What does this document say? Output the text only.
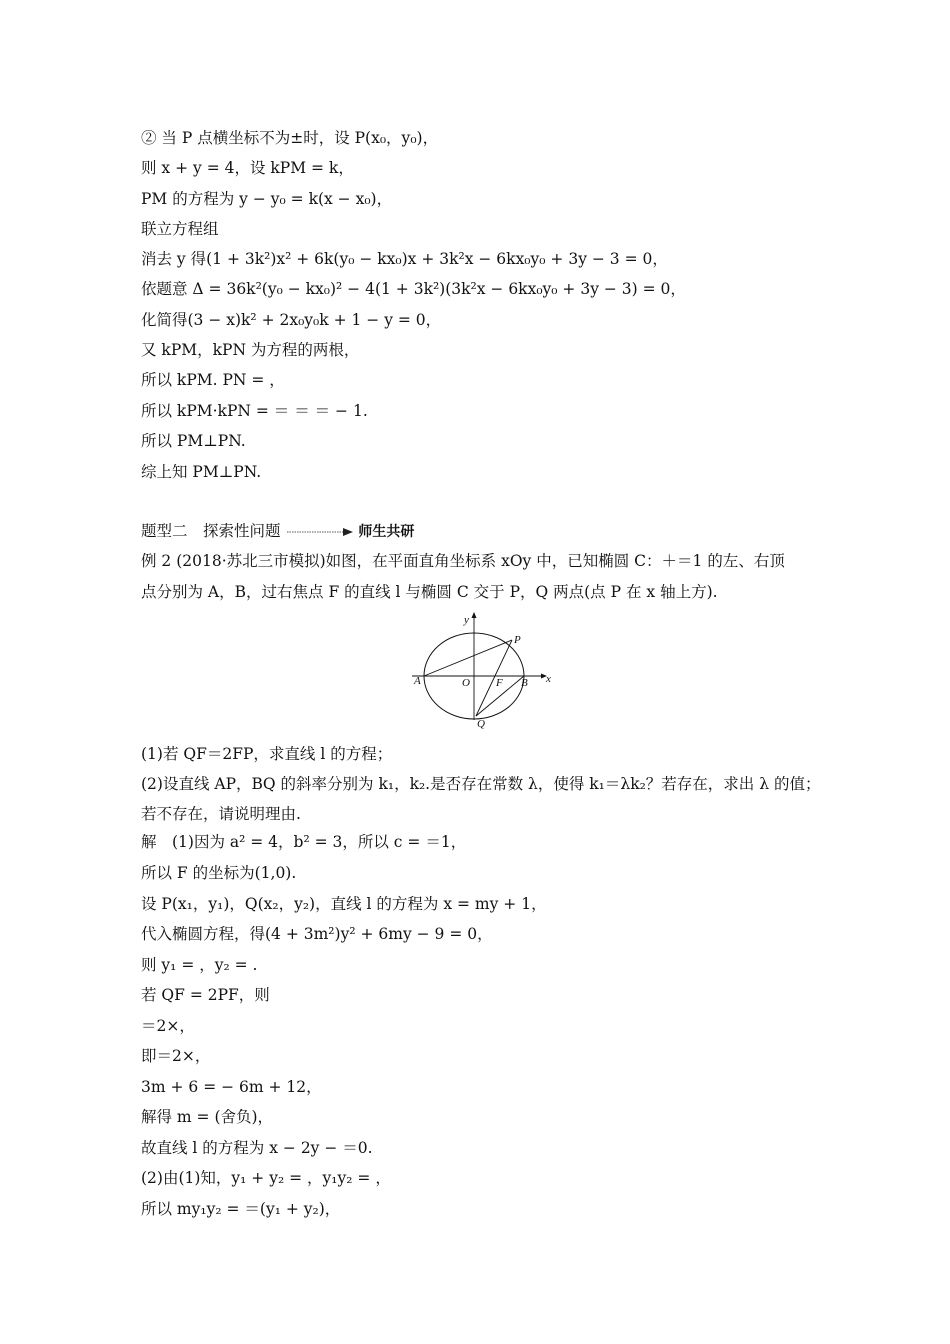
② 当 P 点横坐标不为±时，设 P(x₀，y₀)，
则 x + y = 4，设 kPM = k，
PM 的方程为 y − y₀ = k(x − x₀)，
联立方程组
消去 y 得(1 + 3k²)x² + 6k(y₀ − kx₀)x + 3k²x − 6kx₀y₀ + 3y − 3 = 0，
依题意 Δ = 36k²(y₀ − kx₀)² − 4(1 + 3k²)(3k²x − 6kx₀y₀ + 3y − 3) = 0，
化简得(3 − x)k² + 2x₀y₀k + 1 − y = 0，
又 kPM，kPN 为方程的两根，
所以 kPM. PN = ，
所以 kPM·kPN = ＝ ＝ ＝ − 1.
所以 PM⊥PN.
综上知 PM⊥PN.
例 2 (2018·苏北三市模拟)如图，在平面直角坐标系 xOy 中，已知椭圆 C：＋＝1 的左、右顶
点分别为 A，B，过右焦点 F 的直线 l 与椭圆 C 交于 P，Q 两点(点 P 在 x 轴上方).
(1)若 QF＝2FP，求直线 l 的方程；
(2)设直线 AP，BQ 的斜率分别为 k₁，k₂.是否存在常数 λ，使得 k₁＝λk₂？若存在，求出 λ 的值；
若不存在，请说明理由.
解　(1)因为 a² = 4，b² = 3，所以 c = ＝1，
所以 F 的坐标为(1,0).
设 P(x₁，y₁)，Q(x₂，y₂)，直线 l 的方程为 x = my + 1，
代入椭圆方程，得(4 + 3m²)y² + 6my − 9 = 0，
则 y₁ = ，y₂ = .
若 QF = 2PF，则
＝2×，
即＝2×，
3m + 6 = − 6m + 12，
解得 m = (舍负)，
故直线 l 的方程为 x − 2y − ＝0.
(2)由(1)知，y₁ + y₂ = ，y₁y₂ = ，
所以 my₁y₂ = ＝(y₁ + y₂)，
题型二　探索性问题	师生共研
y
x
A	O F B
P
Q
